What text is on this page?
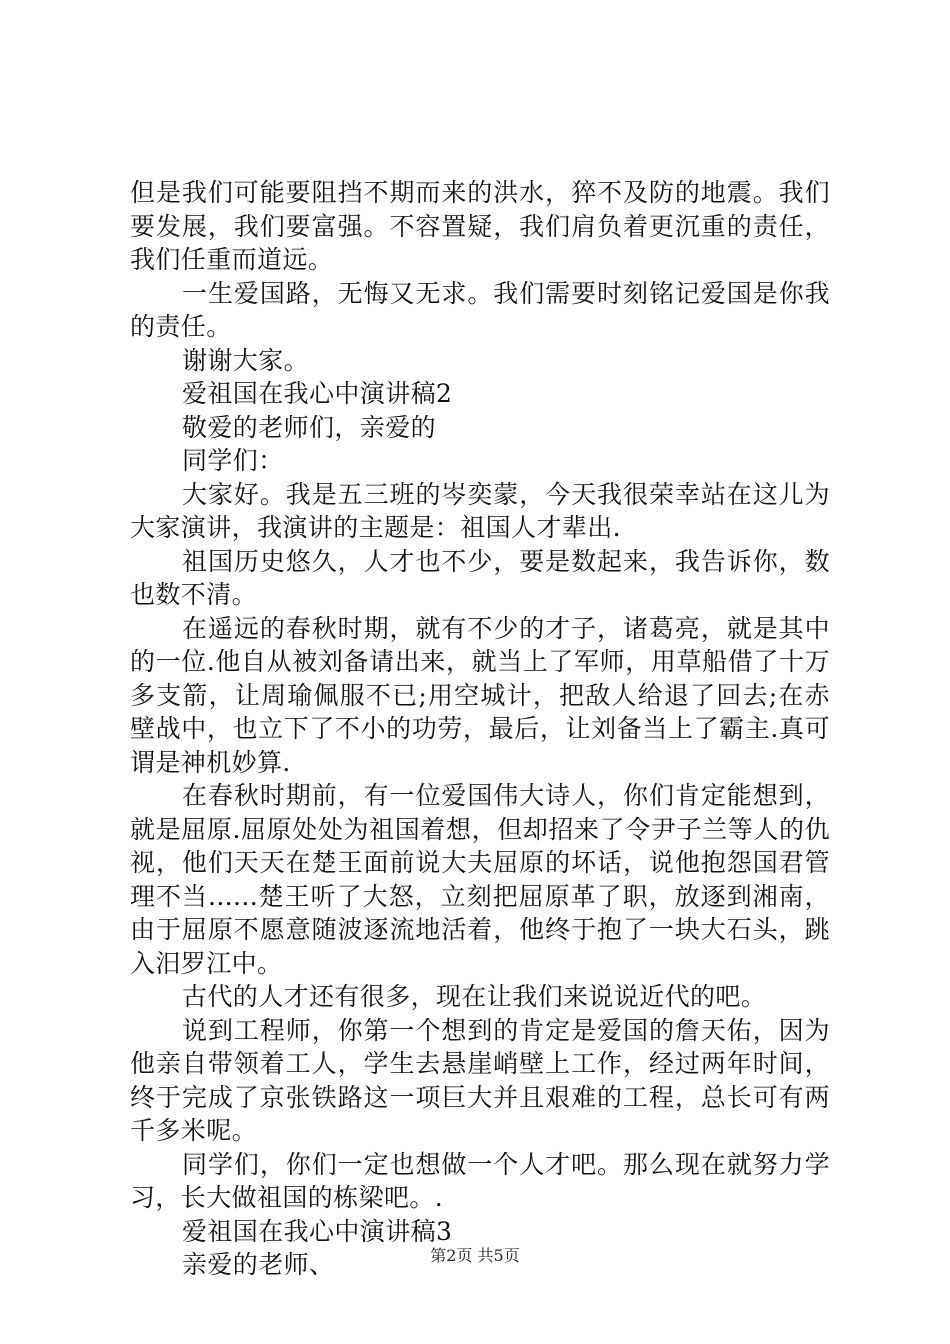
但是我们可能要阻挡不期而来的洪水，猝不及防的地震。我们要发展，我们要富强。不容置疑，我们肩负着更沉重的责任，我们任重而道远。

一生爱国路，无悔又无求。我们需要时刻铭记爱国是你我的责任。

谢谢大家。

爱祖国在我心中演讲稿2

敬爱的老师们，亲爱的

同学们：

大家好。我是五三班的岑奕蒙，今天我很荣幸站在这儿为大家演讲，我演讲的主题是：祖国人才辈出.

祖国历史悠久，人才也不少，要是数起来，我告诉你，数也数不清。

在遥远的春秋时期，就有不少的才子，诸葛亮，就是其中的一位.他自从被刘备请出来，就当上了军师，用草船借了十万多支箭，让周瑜佩服不已;用空城计，把敌人给退了回去;在赤壁战中，也立下了不小的功劳，最后，让刘备当上了霸主.真可谓是神机妙算.

在春秋时期前，有一位爱国伟大诗人，你们肯定能想到，就是屈原.屈原处处为祖国着想，但却招来了令尹子兰等人的仇视，他们天天在楚王面前说大夫屈原的坏话，说他抱怨国君管理不当......楚王听了大怒，立刻把屈原革了职，放逐到湘南，由于屈原不愿意随波逐流地活着，他终于抱了一块大石头，跳入汨罗江中。

古代的人才还有很多，现在让我们来说说近代的吧。

说到工程师，你第一个想到的肯定是爱国的詹天佑，因为他亲自带领着工人，学生去悬崖峭壁上工作，经过两年时间，终于完成了京张铁路这一项巨大并且艰难的工程，总长可有两千多米呢。

同学们，你们一定也想做一个人才吧。那么现在就努力学习，长大做祖国的栋梁吧。.

爱祖国在我心中演讲稿3

亲爱的老师、	第2页 共5页
